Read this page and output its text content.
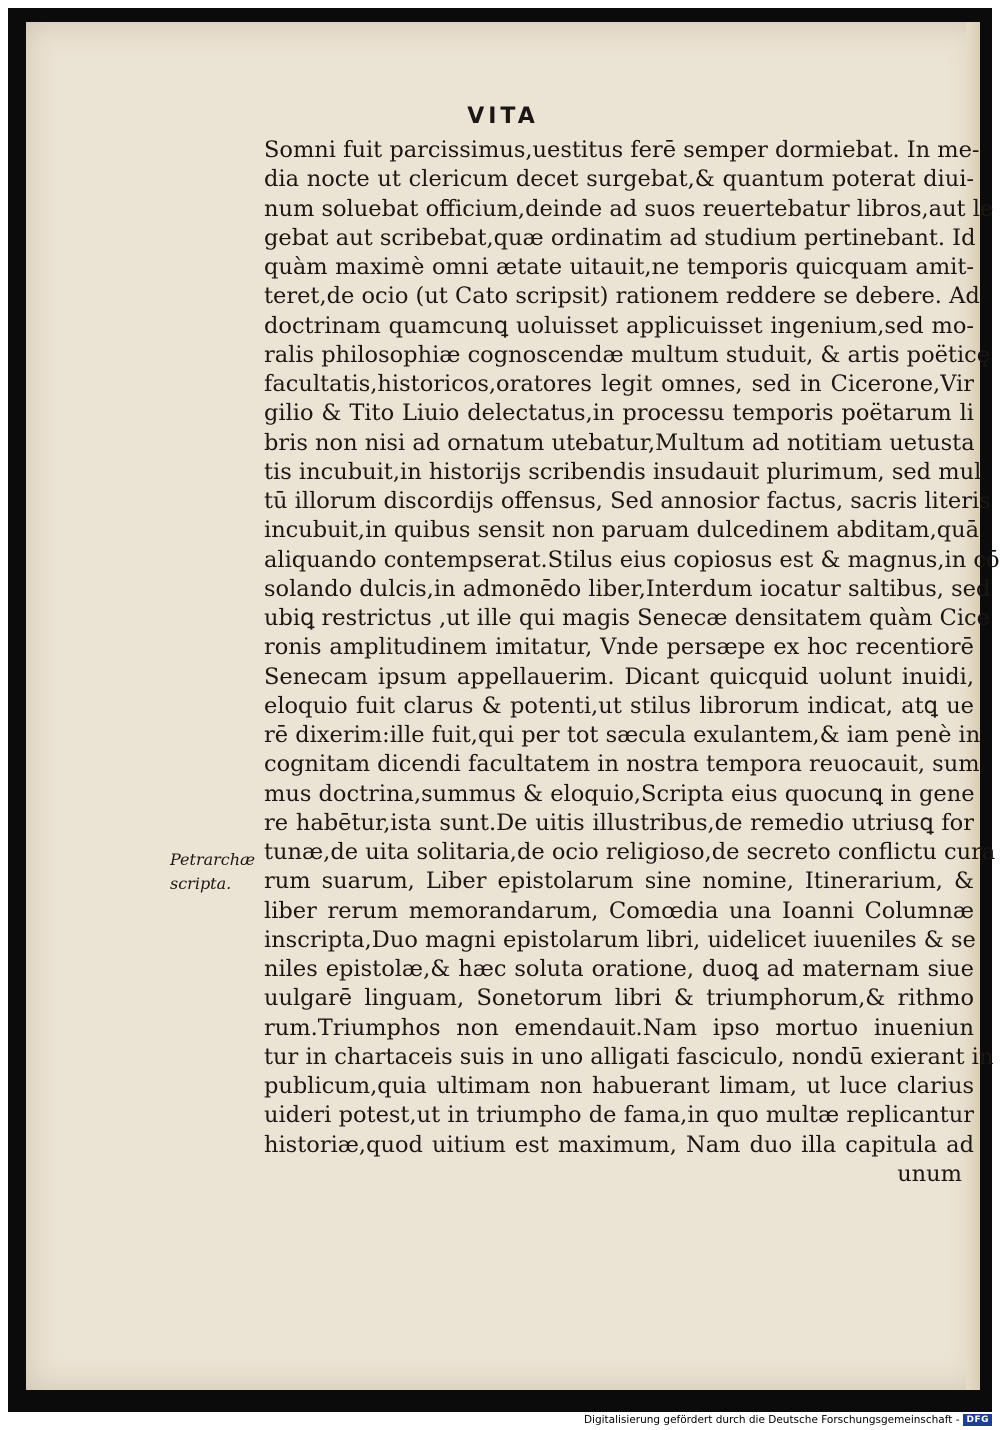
VITA
Petrarchæ
scripta.
Somni fuit parcissimus,uestitus ferē semper dormiebat. In me-
dia nocte ut clericum decet surgebat,& quantum poterat diui-
num soluebat officium,deinde ad suos reuertebatur libros,aut le
gebat aut scribebat,quæ ordinatim ad studium pertinebant. Id
quàm maximè omni ætate uitauit,ne temporis quicquam amit-
teret,de ocio (ut Cato scripsit) rationem reddere se debere. Ad
doctrinam quamcunꝗ uoluisset applicuisset ingenium,sed mo-
ralis philosophiæ cognoscendæ multum studuit, & artis poëticę
facultatis,historicos,oratores legit omnes, sed in Cicerone,Vir
gilio & Tito Liuio delectatus,in processu temporis poëtarum li
bris non nisi ad ornatum utebatur,Multum ad notitiam uetusta
tis incubuit,in historijs scribendis insudauit plurimum, sed mul
tū illorum discordijs offensus, Sed annosior factus, sacris literis
incubuit,in quibus sensit non paruam dulcedinem abditam,quā
aliquando contempserat.Stilus eius copiosus est & magnus,in cō
solando dulcis,in admonēdo liber,Interdum iocatur saltibus, sed
ubiꝗ restrictus ,ut ille qui magis Senecæ densitatem quàm Cice
ronis amplitudinem imitatur, Vnde persæpe ex hoc recentiorē
Senecam ipsum appellauerim. Dicant quicquid uolunt inuidi,
eloquio fuit clarus & potenti,ut stilus librorum indicat, atꝗ ue
rē dixerim:ille fuit,qui per tot sæcula exulantem,& iam penè in
cognitam dicendi facultatem in nostra tempora reuocauit, sum
mus doctrina,summus & eloquio,Scripta eius quocunꝗ in gene
re habētur,ista sunt.De uitis illustribus,de remedio utriusꝗ for
tunæ,de uita solitaria,de ocio religioso,de secreto conflictu cura
rum suarum, Liber epistolarum sine nomine, Itinerarium, &
liber rerum memorandarum, Comœdia una Ioanni Columnæ
inscripta,Duo magni epistolarum libri, uidelicet iuueniles & se
niles epistolæ,& hæc soluta oratione, duoꝗ ad maternam siue
uulgarē linguam, Sonetorum libri & triumphorum,& rithmo
rum.Triumphos non emendauit.Nam ipso mortuo inueniun
tur in chartaceis suis in uno alligati fasciculo, nondū exierant in
publicum,quia ultimam non habuerant limam, ut luce clarius
uideri potest,ut in triumpho de fama,in quo multæ replicantur
historiæ,quod uitium est maximum, Nam duo illa capitula ad
unum
Digitalisierung gefördert durch die Deutsche Forschungsgemeinschaft - DFG
